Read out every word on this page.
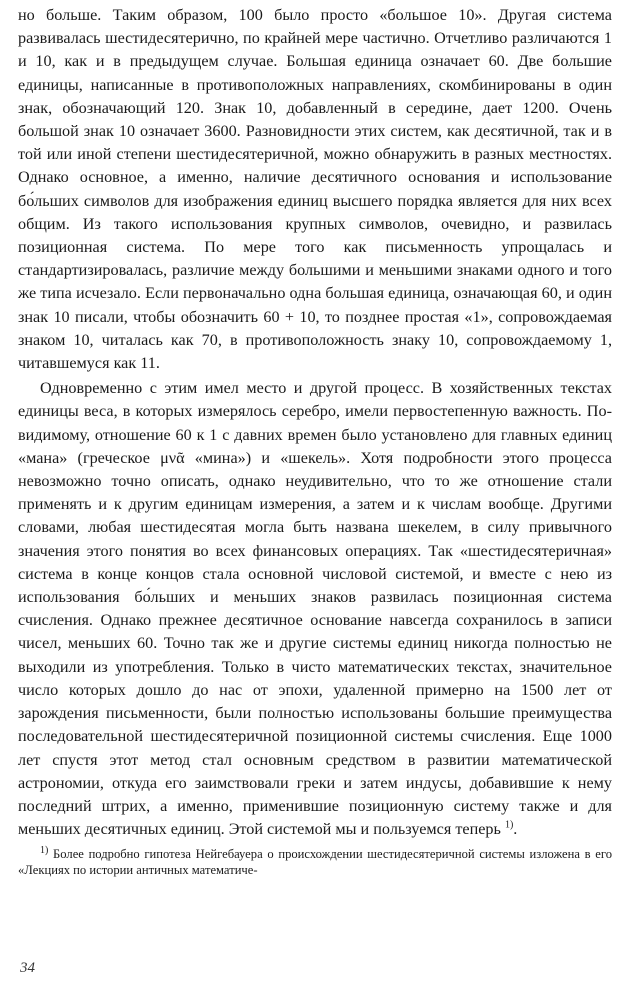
но больше. Таким образом, 100 было просто «большое 10». Другая система развивалась шестидесятерично, по крайней мере частично. Отчетливо различаются 1 и 10, как и в предыдущем случае. Большая единица означает 60. Две большие единицы, написанные в противоположных направлениях, скомбинированы в один знак, обозначающий 120. Знак 10, добавленный в середине, дает 1200. Очень большой знак 10 означает 3600. Разновидности этих систем, как десятичной, так и в той или иной степени шестидесятеричной, можно обнаружить в разных местностях. Однако основное, а именно, наличие десятичного основания и использование бо́льших символов для изображения единиц высшего порядка является для них всех общим. Из такого использования крупных символов, очевидно, и развилась позиционная система. По мере того как письменность упрощалась и стандартизировалась, различие между большими и меньшими знаками одного и того же типа исчезало. Если первоначально одна большая единица, означающая 60, и один знак 10 писали, чтобы обозначить 60 + 10, то позднее простая «1», сопровождаемая знаком 10, читалась как 70, в противоположность знаку 10, сопровождаемому 1, читавшемуся как 11.

Одновременно с этим имел место и другой процесс. В хозяйственных текстах единицы веса, в которых измерялось серебро, имели первостепенную важность. По-видимому, отношение 60 к 1 с давних времен было установлено для главных единиц «мана» (греческое μνᾶ «мина») и «шекель». Хотя подробности этого процесса невозможно точно описать, однако неудивительно, что то же отношение стали применять и к другим единицам измерения, а затем и к числам вообще. Другими словами, любая шестидесятая могла быть названа шекелем, в силу привычного значения этого понятия во всех финансовых операциях. Так «шестидесятеричная» система в конце концов стала основной числовой системой, и вместе с нею из использования бо́льших и меньших знаков развилась позиционная система счисления. Однако прежнее десятичное основание навсегда сохранилось в записи чисел, меньших 60. Точно так же и другие системы единиц никогда полностью не выходили из употребления. Только в чисто математических текстах, значительное число которых дошло до нас от эпохи, удаленной примерно на 1500 лет от зарождения письменности, были полностью использованы большие преимущества последовательной шестидесятеричной позиционной системы счисления. Еще 1000 лет спустя этот метод стал основным средством в развитии математической астрономии, откуда его заимствовали греки и затем индусы, добавившие к нему последний штрих, а именно, применившие позиционную систему также и для меньших десятичных единиц. Этой системой мы и пользуемся теперь $^{1)}$.

$^{1)}$ Более подробно гипотеза Нейгебауера о происхождении шестидесятеричной системы изложена в его «Лекциях по истории античных математиче-

34
